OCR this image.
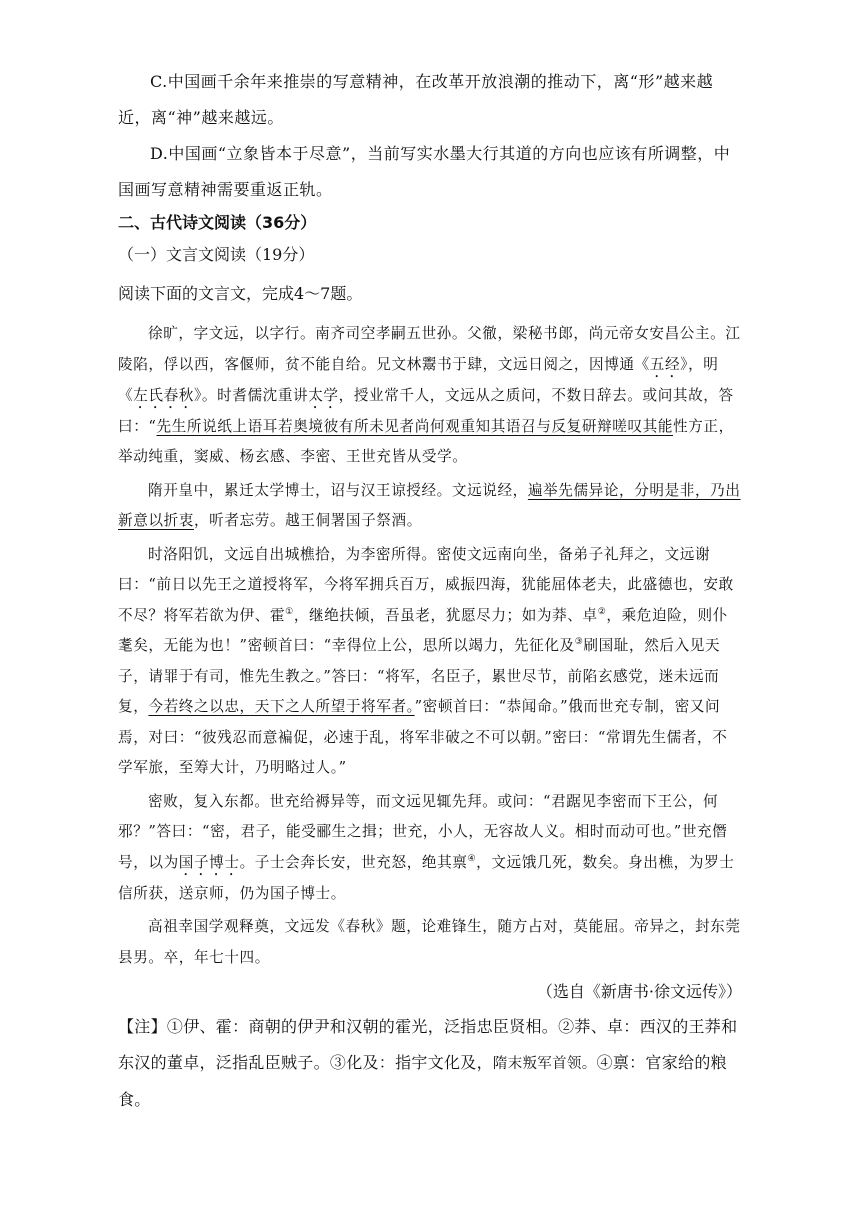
C.中国画千余年来推崇的写意精神，在改革开放浪潮的推动下，离“形”越来越近，离“神”越来越远。

D.中国画“立象皆本于尽意”，当前写实水墨大行其道的方向也应该有所调整，中国画写意精神需要重返正轨。

二、古代诗文阅读（36分）

（一）文言文阅读（19分）

阅读下面的文言文，完成4～7题。

徐旷，字文远，以字行。南齐司空孝嗣五世孙。父徹，梁秘书郎，尚元帝女安昌公主。江陵陷，俘以西，客偃师，贫不能自给。兄文林鬻书于肆，文远日阅之，因博通《五经》，明《左氏春秋》。时耆儒沈重讲太学，授业常千人，文远从之质问，不数日辞去。或问其故，答曰：“先生所说纸上语耳若奥境彼有所未见者尚何观重知其语召与反复研辩嗟叹其能性方正，举动纯重，窦威、杨玄感、李密、王世充皆从受学。

隋开皇中，累迁太学博士，诏与汉王谅授经。文远说经，遍举先儒异论，分明是非，乃出新意以折衷，听者忘劳。越王侗署国子祭酒。

时洛阳饥，文远自出城樵拾，为李密所得。密使文远南向坐，备弟子礼拜之，文远谢曰：“前日以先王之道授将军，今将军拥兵百万，威振四海，犹能屈体老夫，此盛德也，安敢不尽？将军若欲为伊、霍①，继绝扶倾，吾虽老，犹愿尽力；如为莽、卓②，乘危迫险，则仆耄矣，无能为也！”密顿首曰：“幸得位上公，思所以竭力，先征化及③刷国耻，然后入见天子，请罪于有司，惟先生教之。”答曰：“将军，名臣子，累世尽节，前陷玄感党，迷未远而复，今若终之以忠，天下之人所望于将军者。”密顿首曰：“恭闻命。”俄而世充专制，密又问焉，对曰：“彼残忍而意褊促，必速于乱，将军非破之不可以朝。”密曰：“常谓先生儒者，不学军旅，至筹大计，乃明略过人。”

密败，复入东都。世充给褥异等，而文远见辄先拜。或问：“君踞见李密而下王公，何邪？”答曰：“密，君子，能受郦生之揖；世充，小人，无容故人义。相时而动可也。”世充僭号，以为国子博士。子士会奔长安，世充怒，绝其禀④，文远饿几死，数矣。身出樵，为罗士信所获，送京师，仍为国子博士。

高祖幸国学观释奠，文远发《春秋》题，论难锋生，随方占对，莫能屈。帝异之，封东莞县男。卒，年七十四。

（选自《新唐书·徐文远传》）

【注】①伊、霍：商朝的伊尹和汉朝的霍光，泛指忠臣贤相。②莽、卓：西汉的王莽和东汉的董卓，泛指乱臣贼子。③化及：指宇文化及，隋末叛军首领。④禀：官家给的粮食。
